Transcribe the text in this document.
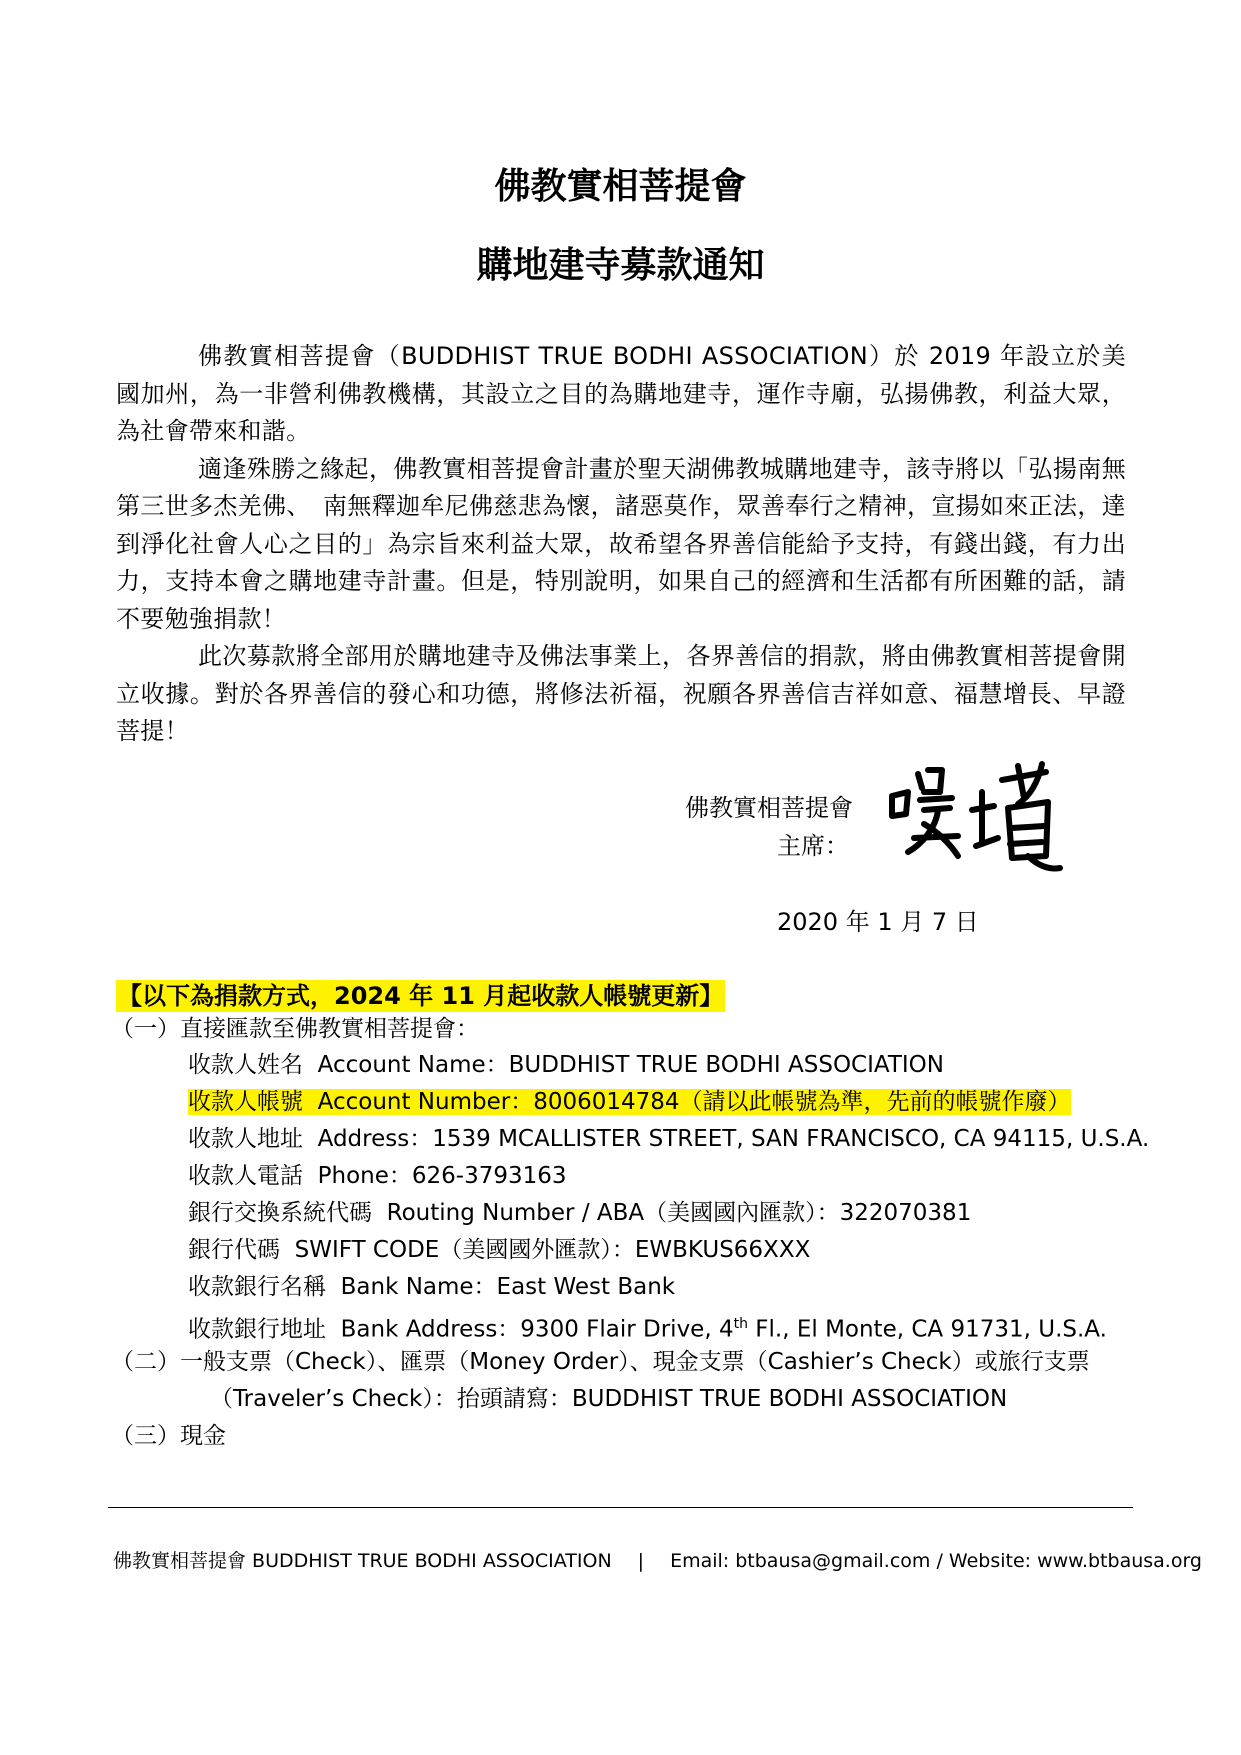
佛教實相菩提會
購地建寺募款通知

佛教實相菩提會（BUDDHIST TRUE BODHI ASSOCIATION）於 2019 年設立於美國加州，為一非營利佛教機構，其設立之目的為購地建寺，運作寺廟，弘揚佛教，利益大眾，為社會帶來和諧。

適逢殊勝之緣起，佛教實相菩提會計畫於聖天湖佛教城購地建寺，該寺將以「弘揚南無第三世多杰羌佛、　南無釋迦牟尼佛慈悲為懷，諸惡莫作，眾善奉行之精神，宣揚如來正法，達到淨化社會人心之目的」為宗旨來利益大眾，故希望各界善信能給予支持，有錢出錢，有力出力，支持本會之購地建寺計畫。但是，特別說明，如果自己的經濟和生活都有所困難的話，請不要勉強捐款！

此次募款將全部用於購地建寺及佛法事業上，各界善信的捐款，將由佛教實相菩提會開立收據。對於各界善信的發心和功德，將修法祈福，祝願各界善信吉祥如意、福慧增長、早證菩提！

佛教實相菩提會
主席：
2020 年 1 月 7 日
【以下為捐款方式，2024 年 11 月起收款人帳號更新】
（一）直接匯款至佛教實相菩提會：
收款人姓名 Account Name：BUDDHIST TRUE BODHI ASSOCIATION
收款人帳號 Account Number：8006014784（請以此帳號為準，先前的帳號作廢）
收款人地址 Address：1539 MCALLISTER STREET, SAN FRANCISCO, CA 94115, U.S.A.
收款人電話 Phone：626-3793163
銀行交換系統代碼 Routing Number / ABA（美國國內匯款）：322070381
銀行代碼 SWIFT CODE（美國國外匯款）：EWBKUS66XXX
收款銀行名稱 Bank Name：East West Bank
收款銀行地址 Bank Address：9300 Flair Drive, 4th Fl., El Monte, CA 91731, U.S.A.
（二）一般支票（Check）、匯票（Money Order）、現金支票（Cashier’s Check）或旅行支票
（Traveler’s Check）：抬頭請寫：BUDDHIST TRUE BODHI ASSOCIATION
（三）現金
佛教實相菩提會 BUDDHIST TRUE BODHI ASSOCIATION | Email: btbausa@gmail.com / Website: www.btbausa.org
